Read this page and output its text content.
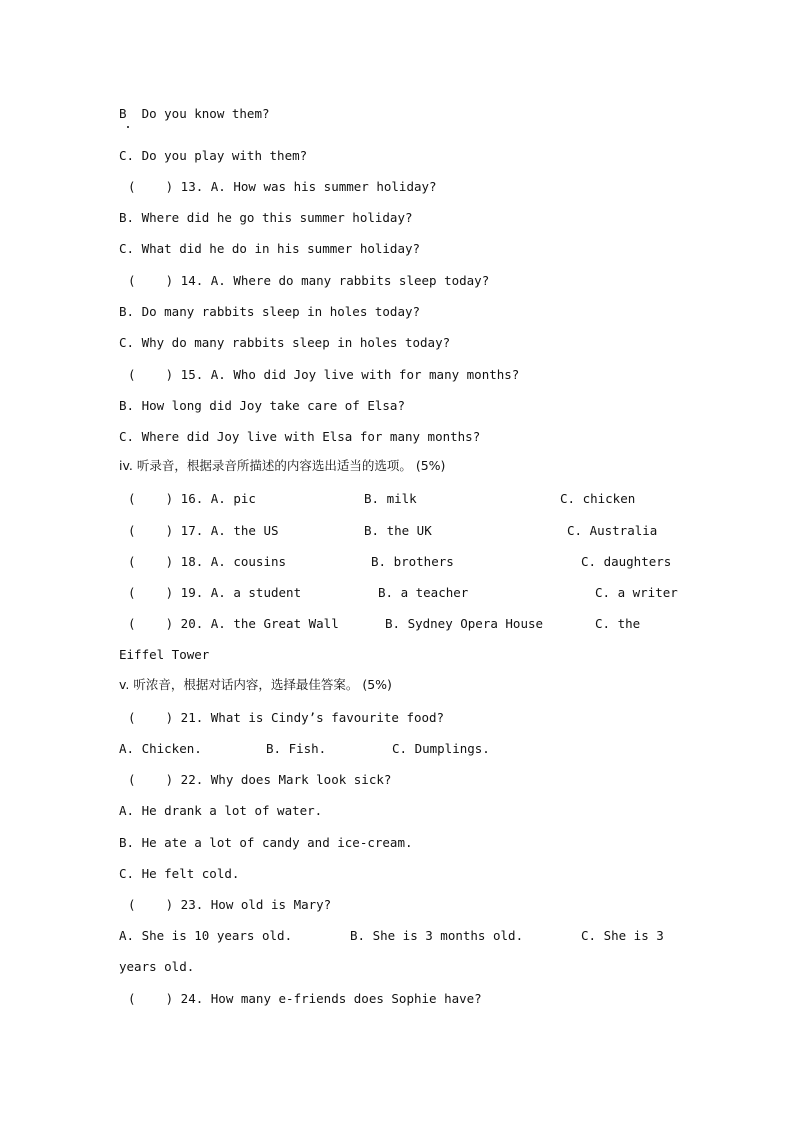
B  Do you know them?
C. Do you play with them?
(    ) 13. A. How was his summer holiday?
B. Where did he go this summer holiday?
C. What did he do in his summer holiday?
(    ) 14. A. Where do many rabbits sleep today?
B. Do many rabbits sleep in holes today?
C. Why do many rabbits sleep in holes today?
(    ) 15. A. Who did Joy live with for many months?
B. How long did Joy take care of Elsa?
C. Where did Joy live with Elsa for many months?
iv. 听录音，根据录音所描述的内容选出适当的选项。 (5%)
(    ) 16. A. pic	B. milk	C. chicken
(    ) 17. A. the US	B. the UK	C. Australia
(    ) 18. A. cousins	B. brothers	C. daughters
(    ) 19. A. a student	B. a teacher	C. a writer
(    ) 20. A. the Great Wall	B. Sydney Opera House	C. the
Eiffel Tower
v. 听浓音，根据对话内容，选择最佳答案。 (5%)
(    ) 21. What is Cindy’s favourite food?
A. Chicken.	B. Fish.	C. Dumplings.
(    ) 22. Why does Mark look sick?
A. He drank a lot of water.
B. He ate a lot of candy and ice-cream.
C. He felt cold.
(    ) 23. How old is Mary?
A. She is 10 years old.	B. She is 3 months old.	C. She is 3
years old.
(    ) 24. How many e-friends does Sophie have?
